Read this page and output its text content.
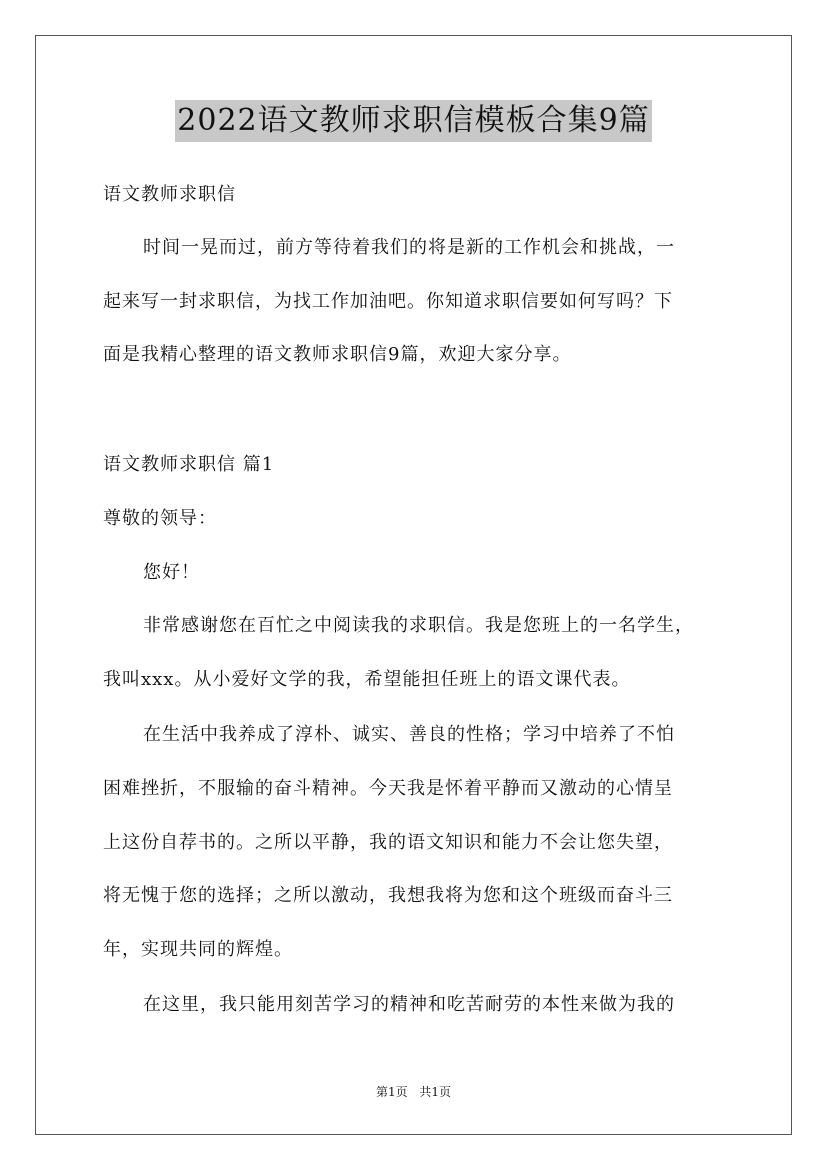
2022语文教师求职信模板合集9篇
语文教师求职信
时间一晃而过，前方等待着我们的将是新的工作机会和挑战，一
起来写一封求职信，为找工作加油吧。你知道求职信要如何写吗？下
面是我精心整理的语文教师求职信9篇，欢迎大家分享。
语文教师求职信 篇1
尊敬的领导：
您好！
非常感谢您在百忙之中阅读我的求职信。我是您班上的一名学生，
我叫xxx。从小爱好文学的我，希望能担任班上的语文课代表。
在生活中我养成了淳朴、诚实、善良的性格；学习中培养了不怕
困难挫折，不服输的奋斗精神。今天我是怀着平静而又激动的心情呈
上这份自荐书的。之所以平静，我的语文知识和能力不会让您失望，
将无愧于您的选择；之所以激动，我想我将为您和这个班级而奋斗三
年，实现共同的辉煌。
在这里，我只能用刻苦学习的精神和吃苦耐劳的本性来做为我的
第1页 共1页
